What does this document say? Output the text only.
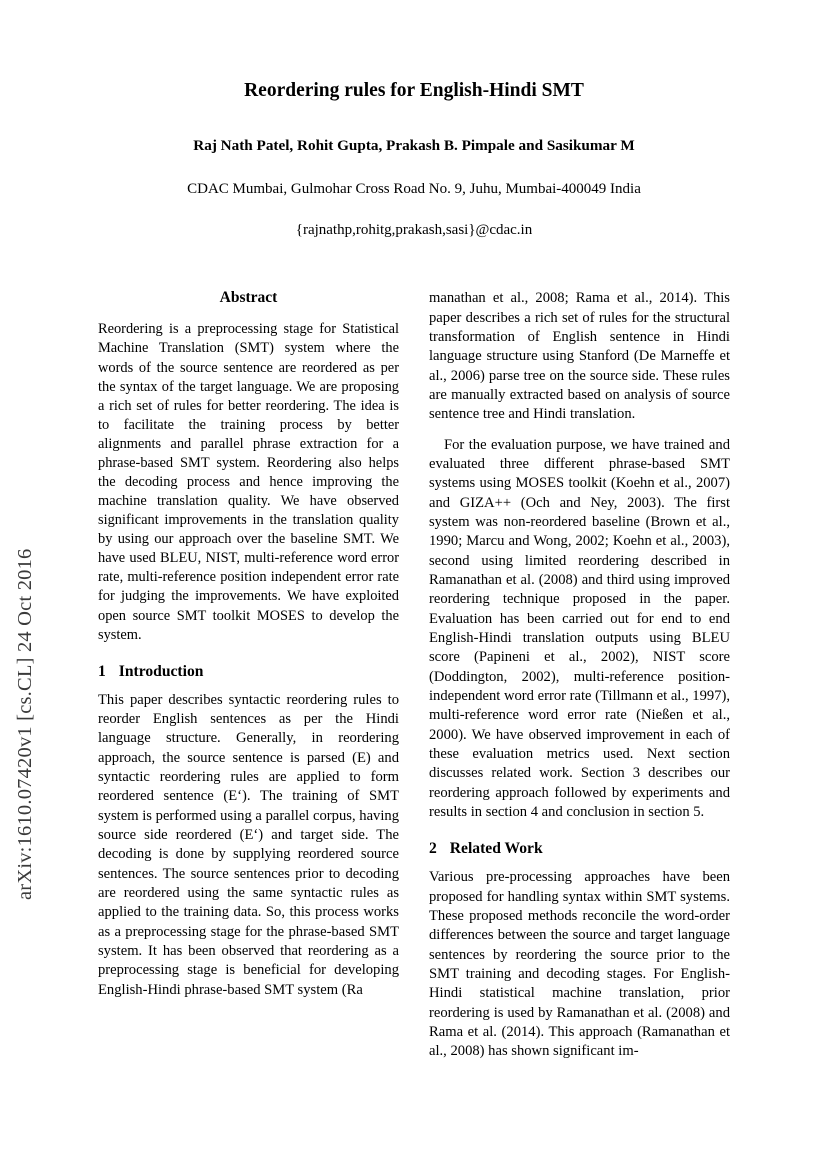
arXiv:1610.07420v1 [cs.CL] 24 Oct 2016
Reordering rules for English-Hindi SMT
Raj Nath Patel, Rohit Gupta, Prakash B. Pimpale and Sasikumar M
CDAC Mumbai, Gulmohar Cross Road No. 9, Juhu, Mumbai-400049 India
{rajnathp,rohitg,prakash,sasi}@cdac.in
Abstract

Reordering is a preprocessing stage for Statistical Machine Translation (SMT) system where the words of the source sentence are reordered as per the syntax of the target language. We are proposing a rich set of rules for better reordering. The idea is to facilitate the training process by better alignments and parallel phrase extraction for a phrase-based SMT system. Reordering also helps the decoding process and hence improving the machine translation quality. We have observed significant improvements in the translation quality by using our approach over the baseline SMT. We have used BLEU, NIST, multi-reference word error rate, multi-reference position independent error rate for judging the improvements. We have exploited open source SMT toolkit MOSES to develop the system.

1 Introduction

This paper describes syntactic reordering rules to reorder English sentences as per the Hindi language structure. Generally, in reordering approach, the source sentence is parsed (E) and syntactic reordering rules are applied to form reordered sentence (E‘). The training of SMT system is performed using a parallel corpus, having source side reordered (E‘) and target side. The decoding is done by supplying reordered source sentences. The source sentences prior to decoding are reordered using the same syntactic rules as applied to the training data. So, this process works as a preprocessing stage for the phrase-based SMT system. It has been observed that reordering as a preprocessing stage is beneficial for developing English-Hindi phrase-based SMT system (Ra

manathan et al., 2008; Rama et al., 2014). This paper describes a rich set of rules for the structural transformation of English sentence in Hindi language structure using Stanford (De Marneffe et al., 2006) parse tree on the source side. These rules are manually extracted based on analysis of source sentence tree and Hindi translation.

For the evaluation purpose, we have trained and evaluated three different phrase-based SMT systems using MOSES toolkit (Koehn et al., 2007) and GIZA++ (Och and Ney, 2003). The first system was non-reordered baseline (Brown et al., 1990; Marcu and Wong, 2002; Koehn et al., 2003), second using limited reordering described in Ramanathan et al. (2008) and third using improved reordering technique proposed in the paper. Evaluation has been carried out for end to end English-Hindi translation outputs using BLEU score (Papineni et al., 2002), NIST score (Doddington, 2002), multi-reference position-independent word error rate (Tillmann et al., 1997), multi-reference word error rate (Nießen et al., 2000). We have observed improvement in each of these evaluation metrics used. Next section discusses related work. Section 3 describes our reordering approach followed by experiments and results in section 4 and conclusion in section 5.

2 Related Work

Various pre-processing approaches have been proposed for handling syntax within SMT systems. These proposed methods reconcile the word-order differences between the source and target language sentences by reordering the source prior to the SMT training and decoding stages. For English-Hindi statistical machine translation, prior reordering is used by Ramanathan et al. (2008) and Rama et al. (2014). This approach (Ramanathan et al., 2008) has shown significant im-
